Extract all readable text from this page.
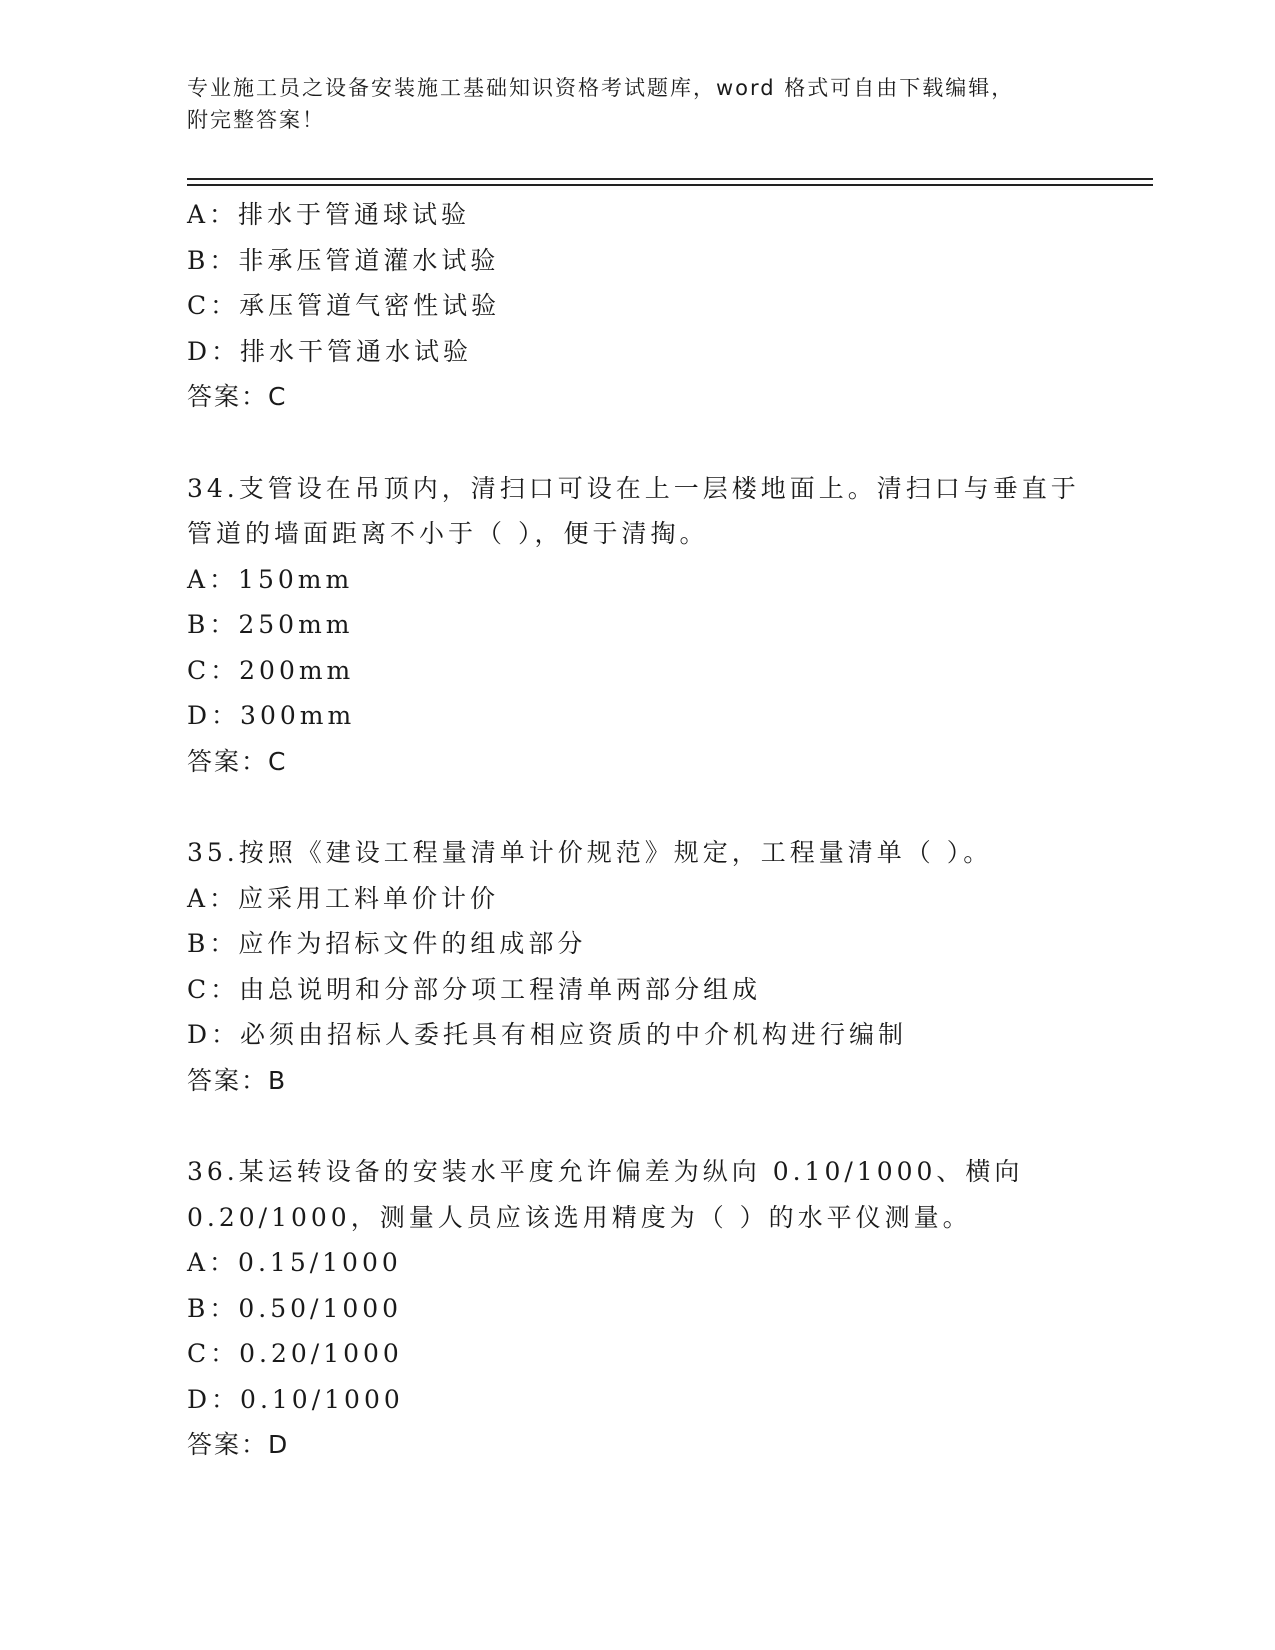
专业施工员之设备安装施工基础知识资格考试题库，word 格式可自由下载编辑，
附完整答案！
A：排水于管通球试验
B：非承压管道灌水试验
C：承压管道气密性试验
D：排水干管通水试验
答案：C
34.支管设在吊顶内，清扫口可设在上一层楼地面上。清扫口与垂直于
管道的墙面距离不小于（ ），便于清掏。
A：150mm
B：250mm
C：200mm
D：300mm
答案：C
35.按照《建设工程量清单计价规范》规定，工程量清单（ ）。
A：应采用工料单价计价
B：应作为招标文件的组成部分
C：由总说明和分部分项工程清单两部分组成
D：必须由招标人委托具有相应资质的中介机构进行编制
答案：B
36.某运转设备的安装水平度允许偏差为纵向 0.10/1000、横向
0.20/1000，测量人员应该选用精度为（ ）的水平仪测量。
A：0.15/1000
B：0.50/1000
C：0.20/1000
D：0.10/1000
答案：D
